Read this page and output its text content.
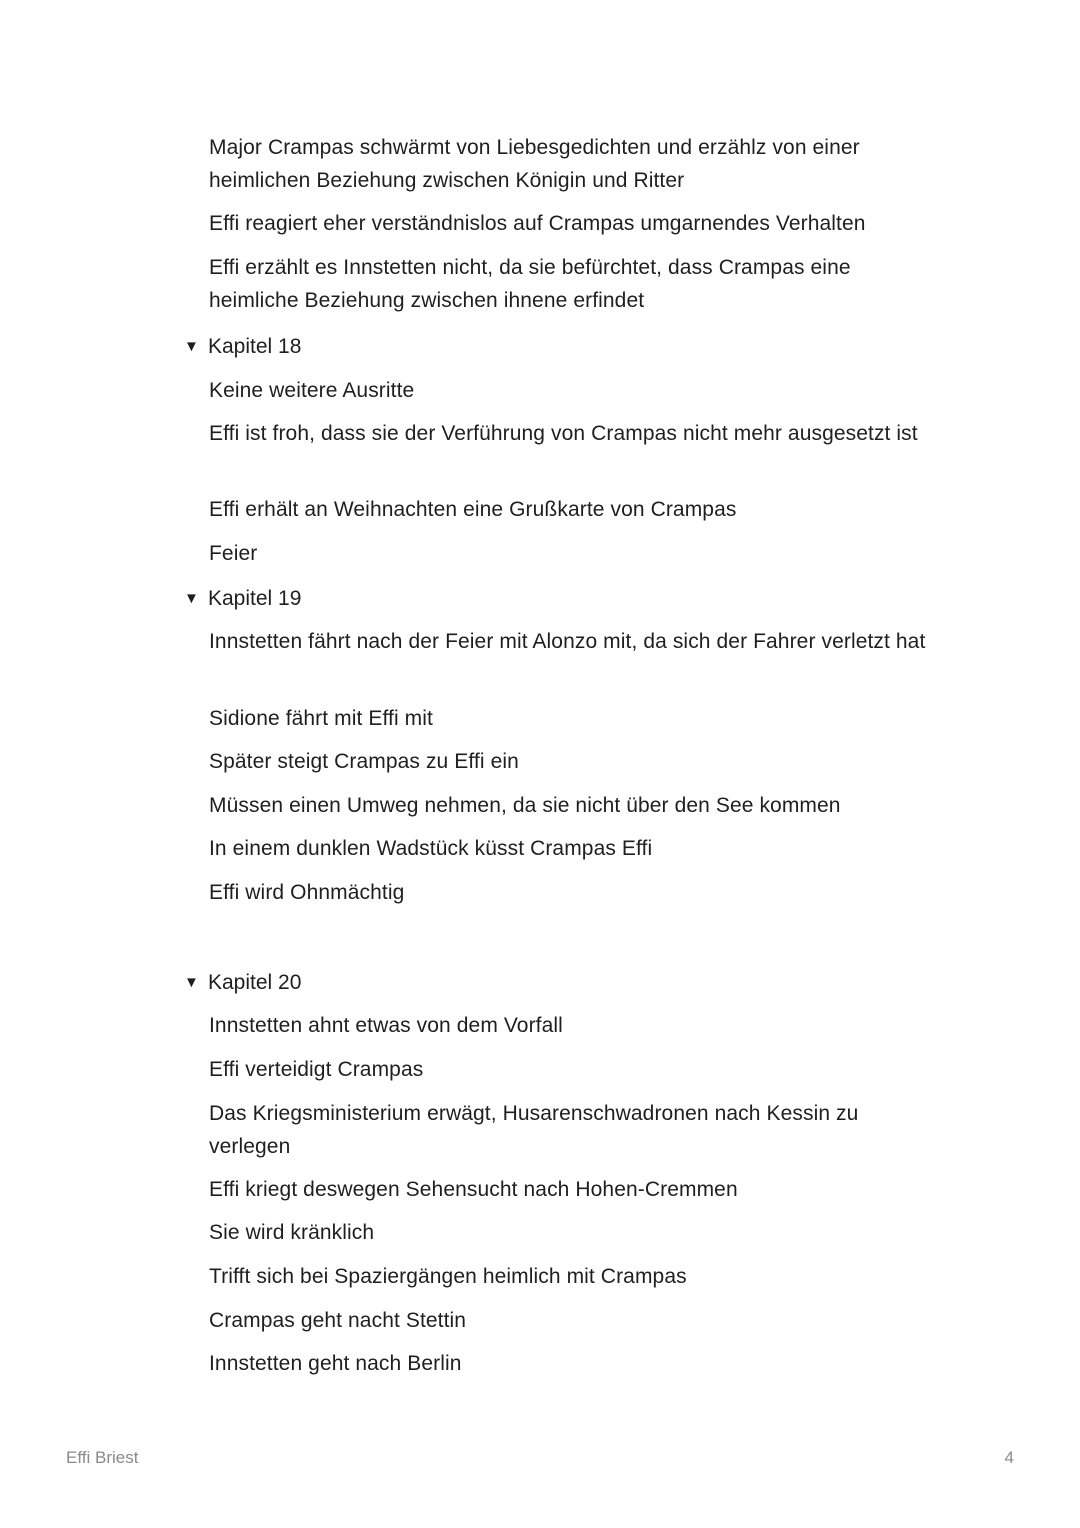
Major Crampas schwärmt von Liebesgedichten und erzählz von einer heimlichen Beziehung zwischen Königin und Ritter
Effi reagiert eher verständnislos auf Crampas umgarnendes Verhalten
Effi erzählt es Innstetten nicht, da sie befürchtet, dass Crampas eine heimliche Beziehung zwischen ihnene erfindet
▼ Kapitel 18
Keine weitere Ausritte
Effi ist froh, dass sie der Verführung von Crampas nicht mehr ausgesetzt ist
Effi erhält an Weihnachten eine Grußkarte von Crampas
Feier
▼ Kapitel 19
Innstetten fährt nach der Feier mit Alonzo mit, da sich der Fahrer verletzt hat
Sidione fährt mit Effi mit
Später steigt Crampas zu Effi ein
Müssen einen Umweg nehmen, da sie nicht über den See kommen
In einem dunklen Wadstück küsst Crampas Effi
Effi wird Ohnmächtig
▼ Kapitel 20
Innstetten ahnt etwas von dem Vorfall
Effi verteidigt Crampas
Das Kriegsministerium erwägt, Husarenschwadronen nach Kessin zu verlegen
Effi kriegt deswegen Sehensucht nach Hohen-Cremmen
Sie wird kränklich
Trifft sich bei Spaziergängen heimlich mit Crampas
Crampas geht nacht Stettin
Innstetten geht nach Berlin
Effi Briest	4
